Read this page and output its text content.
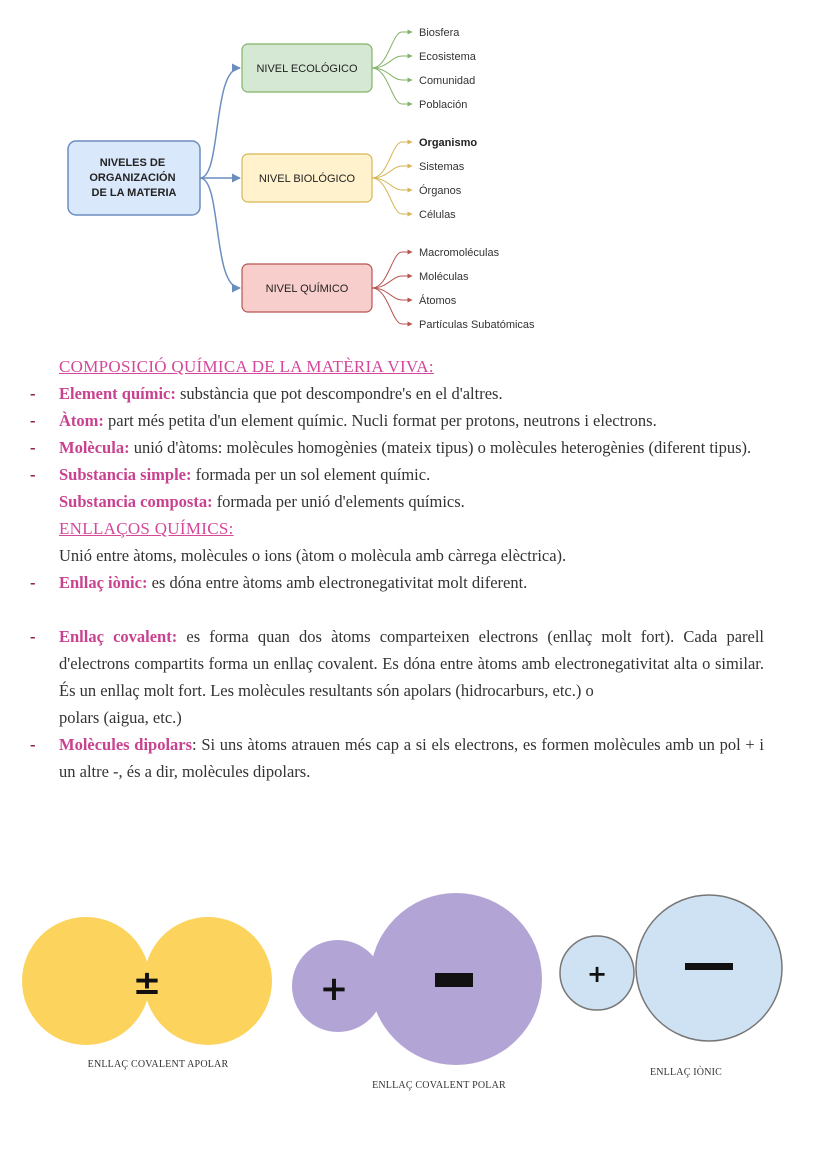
NIVELES DE ORGANIZACIÓN DE LA MATERIA
NIVEL ECOLÓGICO
Biosfera
Ecosistema
Comunidad
Población
NIVEL BIOLÓGICO
Organismo
Sistemas
Órganos
Células
NIVEL QUÍMICO
Macromoléculas
Moléculas
Átomos
Partículas Subatómicas

COMPOSICIÓ QUÍMICA DE LA MATÈRIA VIVA:

- Element químic: substància que pot descompondre's en el d'altres.

- Àtom: part més petita d'un element químic. Nucli format per protons, neutrons i electrons.

- Molècula: unió d'àtoms: molècules homogènies (mateix tipus) o molècules heterogènies (diferent tipus).

- Substancia simple: formada per un sol element químic.

Substancia composta: formada per unió d'elements químics.

ENLLAÇOS QUÍMICS:

Unió entre àtoms, molècules o ions (àtom o molècula amb càrrega elèctrica).

- Enllaç iònic: es dóna entre àtoms amb electronegativitat molt diferent.

- Enllaç covalent: es forma quan dos àtoms comparteixen electrons (enllaç molt fort). Cada parell d'electrons compartits forma un enllaç covalent. Es dóna entre àtoms amb electronegativitat alta o similar. És un enllaç molt fort. Les molècules resultants són apolars (hidrocarburs, etc.) o

polars (aigua, etc.)

- Molècules dipolars: Si uns àtoms atrauen més cap a si els electrons, es formen molècules amb un pol + i un altre -, és a dir, molècules dipolars.

±
ENLLAÇ COVALENT APOLAR
+
ENLLAÇ COVALENT POLAR
+
ENLLAÇ IÒNIC
